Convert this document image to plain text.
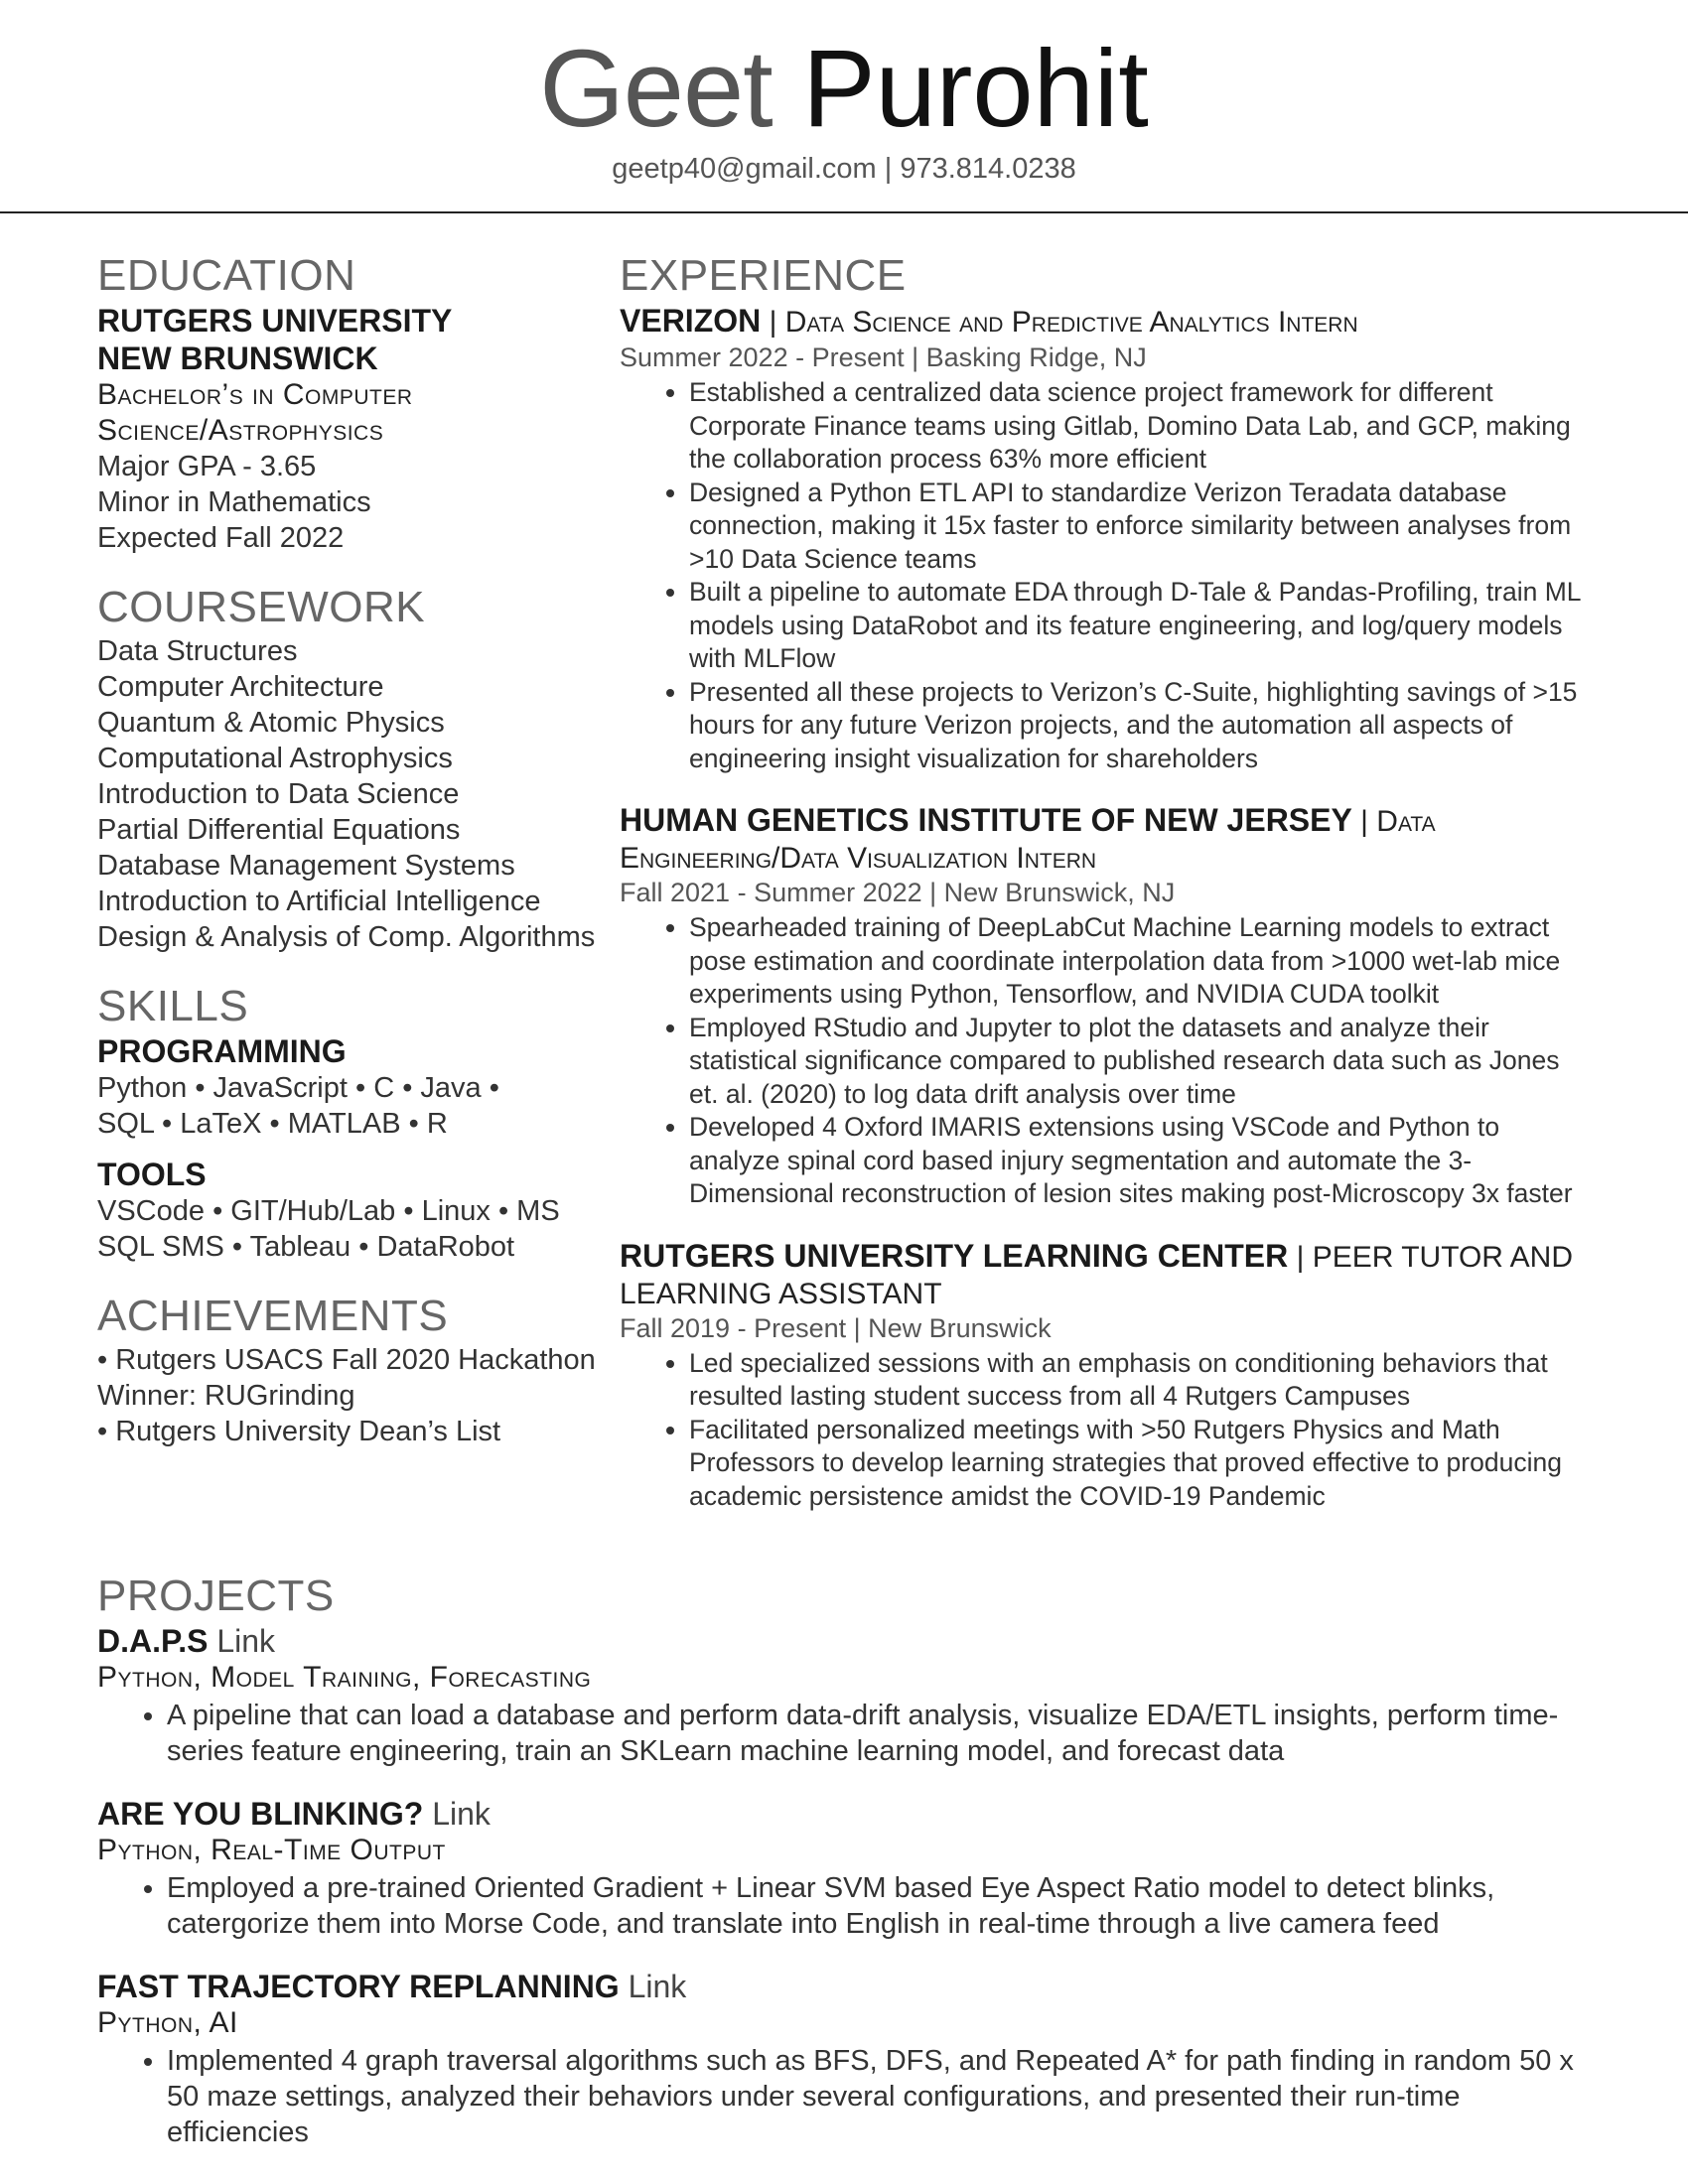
Geet Purohit
geetp40@gmail.com | 973.814.0238
EDUCATION
RUTGERS UNIVERSITY
NEW BRUNSWICK
Bachelor’s in Computer
Science/Astrophysics
Major GPA - 3.65
Minor in Mathematics
Expected Fall 2022
COURSEWORK
Data Structures
Computer Architecture
Quantum & Atomic Physics
Computational Astrophysics
Introduction to Data Science
Partial Differential Equations
Database Management Systems
Introduction to Artificial Intelligence
Design & Analysis of Comp. Algorithms
SKILLS
PROGRAMMING
Python • JavaScript • C • Java •
SQL • LaTeX • MATLAB • R
TOOLS
VSCode • GIT/Hub/Lab • Linux • MS
SQL SMS • Tableau • DataRobot
ACHIEVEMENTS
• Rutgers USACS Fall 2020 Hackathon
Winner: RUGrinding
• Rutgers University Dean’s List
EXPERIENCE
VERIZON | Data Science and Predictive Analytics Intern
Summer 2022 - Present | Basking Ridge, NJ
• Established a centralized data science project framework for different Corporate Finance teams using Gitlab, Domino Data Lab, and GCP, making the collaboration process 63% more efficient
• Designed a Python ETL API to standardize Verizon Teradata database connection, making it 15x faster to enforce similarity between analyses from >10 Data Science teams
• Built a pipeline to automate EDA through D-Tale & Pandas-Profiling, train ML models using DataRobot and its feature engineering, and log/query models with MLFlow
• Presented all these projects to Verizon’s C-Suite, highlighting savings of >15 hours for any future Verizon projects, and the automation all aspects of engineering insight visualization for shareholders
HUMAN GENETICS INSTITUTE OF NEW JERSEY | Data
Engineering/Data Visualization Intern
Fall 2021 - Summer 2022 | New Brunswick, NJ
• Spearheaded training of DeepLabCut Machine Learning models to extract pose estimation and coordinate interpolation data from >1000 wet-lab mice experiments using Python, Tensorflow, and NVIDIA CUDA toolkit
• Employed RStudio and Jupyter to plot the datasets and analyze their statistical significance compared to published research data such as Jones et. al. (2020) to log data drift analysis over time
• Developed 4 Oxford IMARIS extensions using VSCode and Python to analyze spinal cord based injury segmentation and automate the 3-Dimensional reconstruction of lesion sites making post-Microscopy 3x faster
RUTGERS UNIVERSITY LEARNING CENTER | PEER TUTOR AND
LEARNING ASSISTANT
Fall 2019 - Present | New Brunswick
• Led specialized sessions with an emphasis on conditioning behaviors that resulted lasting student success from all 4 Rutgers Campuses
• Facilitated personalized meetings with >50 Rutgers Physics and Math Professors to develop learning strategies that proved effective to producing academic persistence amidst the COVID-19 Pandemic
PROJECTS
D.A.P.S Link
Python, Model Training, Forecasting
• A pipeline that can load a database and perform data-drift analysis, visualize EDA/ETL insights, perform time-series feature engineering, train an SKLearn machine learning model, and forecast data
ARE YOU BLINKING? Link
Python, Real-Time Output
• Employed a pre-trained Oriented Gradient + Linear SVM based Eye Aspect Ratio model to detect blinks, catergorize them into Morse Code, and translate into English in real-time through a live camera feed
FAST TRAJECTORY REPLANNING Link
Python, AI
• Implemented 4 graph traversal algorithms such as BFS, DFS, and Repeated A* for path finding in random 50 x 50 maze settings, analyzed their behaviors under several configurations, and presented their run-time efficiencies
